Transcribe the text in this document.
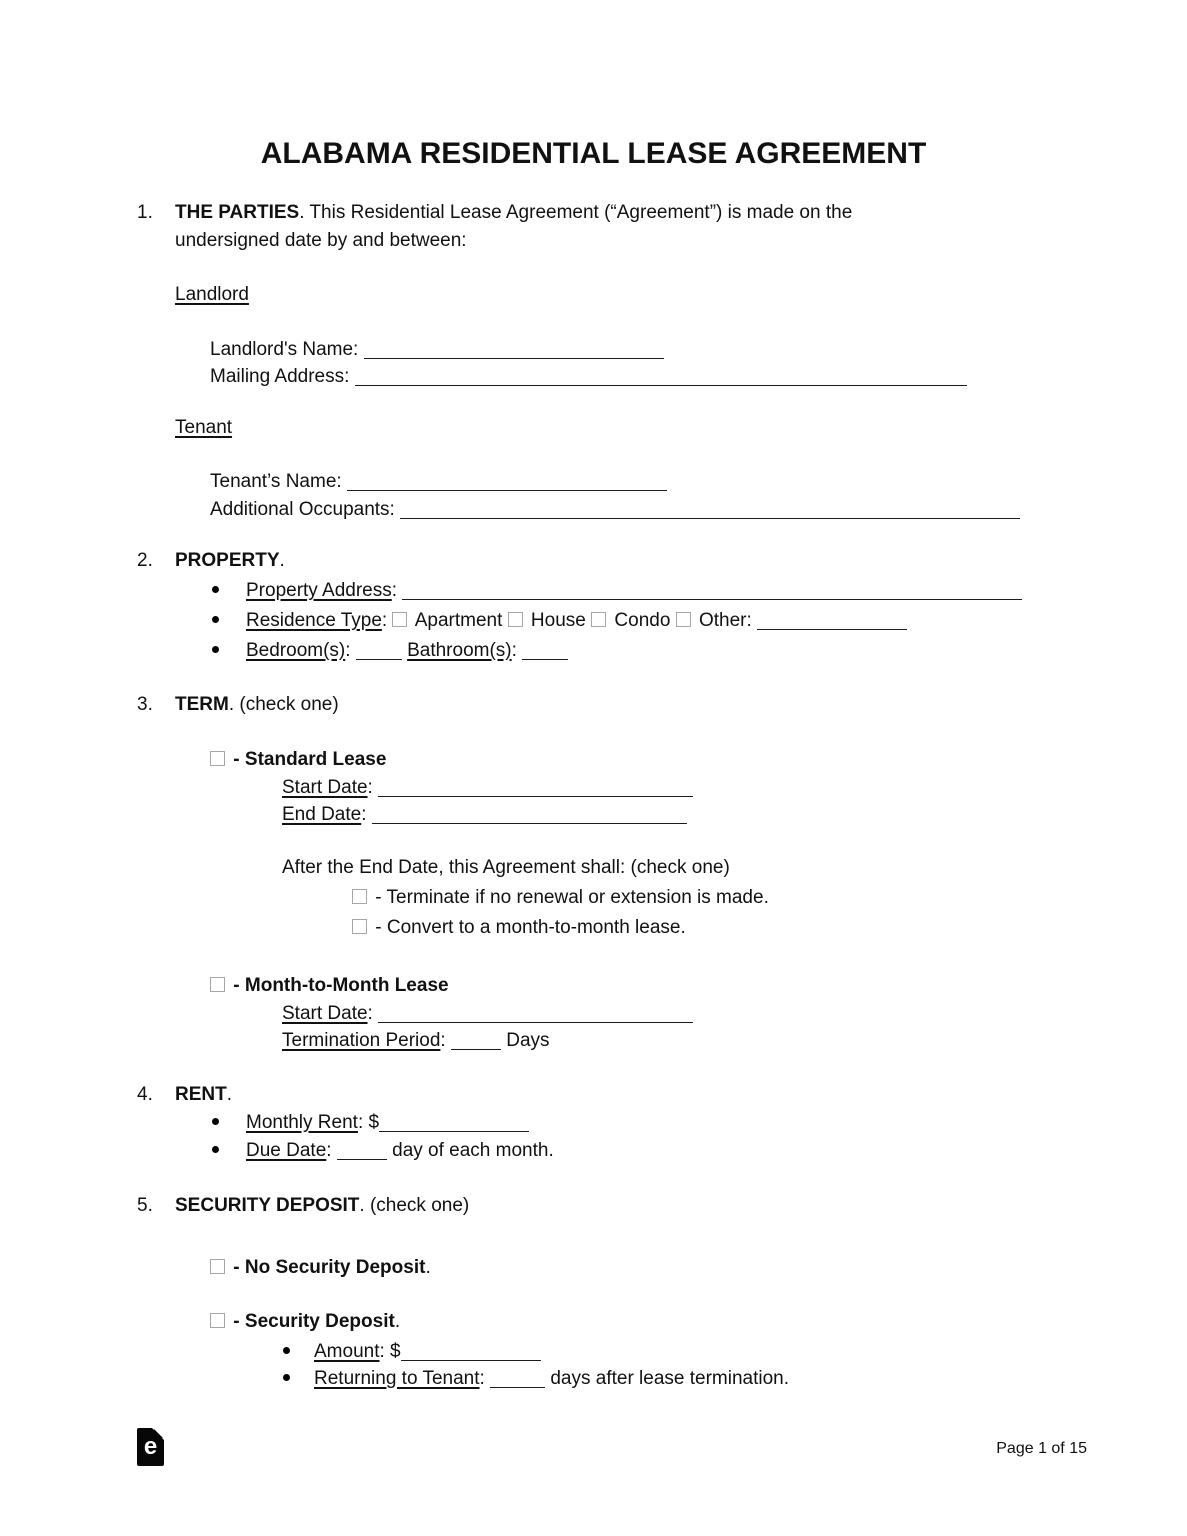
ALABAMA RESIDENTIAL LEASE AGREEMENT
1. THE PARTIES. This Residential Lease Agreement (“Agreement”) is made on the
undersigned date by and between:
Landlord
Landlord's Name:
Mailing Address:
Tenant
Tenant’s Name:
Additional Occupants:
2. PROPERTY.
Property Address:
Residence Type: Apartment House Condo Other:
Bedroom(s):	Bathroom(s):
3. TERM. (check one)
- Standard Lease
Start Date:
End Date:
After the End Date, this Agreement shall: (check one)
- Terminate if no renewal or extension is made.
- Convert to a month-to-month lease.
- Month-to-Month Lease
Start Date:
Termination Period:	Days
4. RENT.
Monthly Rent: $
Due Date:	day of each month.
5. SECURITY DEPOSIT. (check one)
- No Security Deposit.
- Security Deposit.
Amount: $
Returning to Tenant:	days after lease termination.
e	Page 1 of 15
